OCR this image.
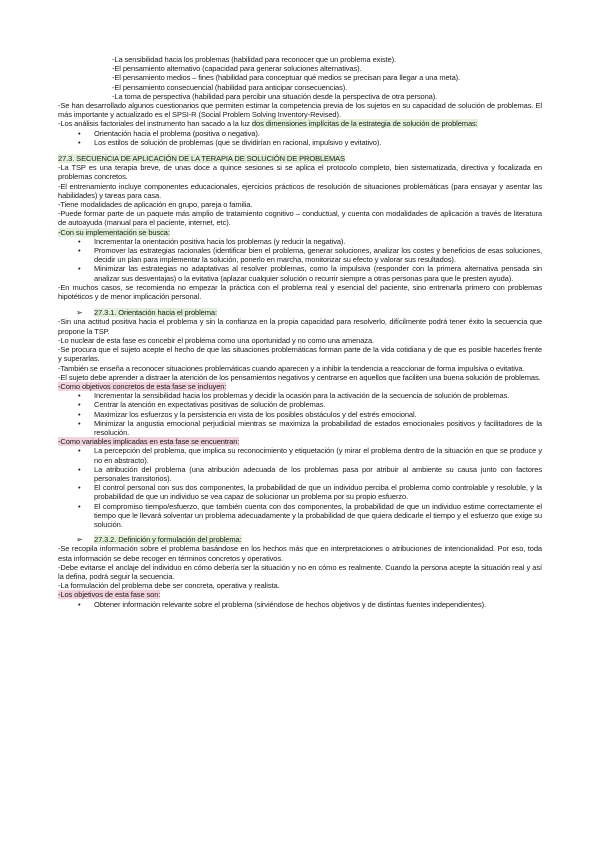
-La sensibilidad hacia los problemas (habilidad para reconocer que un problema existe).

-El pensamiento alternativo (capacidad para generar soluciones alternativas).

-El pensamiento medios – fines (habilidad para conceptuar qué medios se precisan para llegar a una meta).

-El pensamiento consecuencial (habilidad para anticipar consecuencias).

-La toma de perspectiva (habilidad para percibir una situación desde la perspectiva de otra persona).

-Se han desarrollado algunos cuestionarios que permiten estimar la competencia previa de los sujetos en su capacidad de solución de problemas. El más importante y actualizado es el SPSI-R (Social Problem Solving Inventory-Revised).

-Los análisis factoriales del instrumento han sacado a la luz dos dimensiones implícitas de la estrategia de solución de problemas:

• Orientación hacia el problema (positiva o negativa).
• Los estilos de solución de problemas (que se dividirían en racional, impulsivo y evitativo).

27.3. SECUENCIA DE APLICACIÓN DE LA TERAPIA DE SOLUCIÓN DE PROBLEMAS

-La TSP es una terapia breve, de unas doce a quince sesiones si se aplica el protocolo completo, bien sistematizada, directiva y focalizada en problemas concretos.

-El entrenamiento incluye componentes educacionales, ejercicios prácticos de resolución de situaciones problemáticas (para ensayar y asentar las habilidades) y tareas para casa.

-Tiene modalidades de aplicación en grupo, pareja o familia.

-Puede formar parte de un paquete más amplio de tratamiento cognitivo – conductual, y cuenta con modalidades de aplicación a través de literatura de autoayuda (manual para el paciente, internet, etc).

-Con su implementación se busca:

• Incrementar la orientación positiva hacia los problemas (y reducir la negativa).
• Promover las estrategias racionales (identificar bien el problema, generar soluciones, analizar los costes y beneficios de esas soluciones, decidir un plan para implementar la solución, ponerlo en marcha, monitorizar su efecto y valorar sus resultados).
• Minimizar las estrategias no adaptativas al resolver problemas, como la impulsiva (responder con la primera alternativa pensada sin analizar sus desventajas) o la evitativa (aplazar cualquier solución o recurrir siempre a otras personas para que le presten ayuda).

-En muchos casos, se recomienda no empezar la práctica con el problema real y esencial del paciente, sino entrenarla primero con problemas hipotéticos y de menor implicación personal.

➢ 27.3.1. Orientación hacia el problema:

-Sin una actitud positiva hacia el problema y sin la confianza en la propia capacidad para resolverlo, difícilmente podrá tener éxito la secuencia que propone la TSP.

-Lo nuclear de esta fase es concebir el problema como una oportunidad y no como una amenaza.

-Se procura que el sujeto acepte el hecho de que las situaciones problemáticas forman parte de la vida cotidiana y de que es posible hacerles frente y superarlas.

-También se enseña a reconocer situaciones problemáticas cuando aparecen y a inhibir la tendencia a reaccionar de forma impulsiva o evitativa.

-El sujeto debe aprender a distraer la atención de los pensamientos negativos y centrarse en aquellos que faciliten una buena solución de problemas.

-Como objetivos concretos de esta fase se incluyen:

• Incrementar la sensibilidad hacia los problemas y decidir la ocasión para la activación de la secuencia de solución de problemas.
• Centrar la atención en expectativas positivas de solución de problemas.
• Maximizar los esfuerzos y la persistencia en vista de los posibles obstáculos y del estrés emocional.
• Minimizar la angustia emocional perjudicial mientras se maximiza la probabilidad de estados emocionales positivos y facilitadores de la resolución.

-Como variables implicadas en esta fase se encuentran:

• La percepción del problema, que implica su reconocimiento y etiquetación (y mirar el problema dentro de la situación en que se produce y no en abstracto).
• La atribución del problema (una atribución adecuada de los problemas pasa por atribuir al ambiente su causa junto con factores personales transitorios).
• El control personal con sus dos componentes, la probabilidad de que un individuo perciba el problema como controlable y resoluble, y la probabilidad de que un individuo se vea capaz de solucionar un problema por su propio esfuerzo.
• El compromiso tiempo/esfuerzo, que también cuenta con dos componentes, la probabilidad de que un individuo estime correctamente el tiempo que le llevará solventar un problema adecuadamente y la probabilidad de que quiera dedicarle el tiempo y el esfuerzo que exige su solución.

➢ 27.3.2. Definición y formulación del problema:

-Se recopila información sobre el problema basándose en los hechos más que en interpretaciones o atribuciones de intencionalidad. Por eso, toda esta información se debe recoger en términos concretos y operativos.

-Debe evitarse el anclaje del individuo en cómo debería ser la situación y no en cómo es realmente. Cuando la persona acepte la situación real y así la defina, podrá seguir la secuencia.

-La formulación del problema debe ser concreta, operativa y realista.

-Los objetivos de esta fase son:

• Obtener información relevante sobre el problema (sirviéndose de hechos objetivos y de distintas fuentes independientes).
